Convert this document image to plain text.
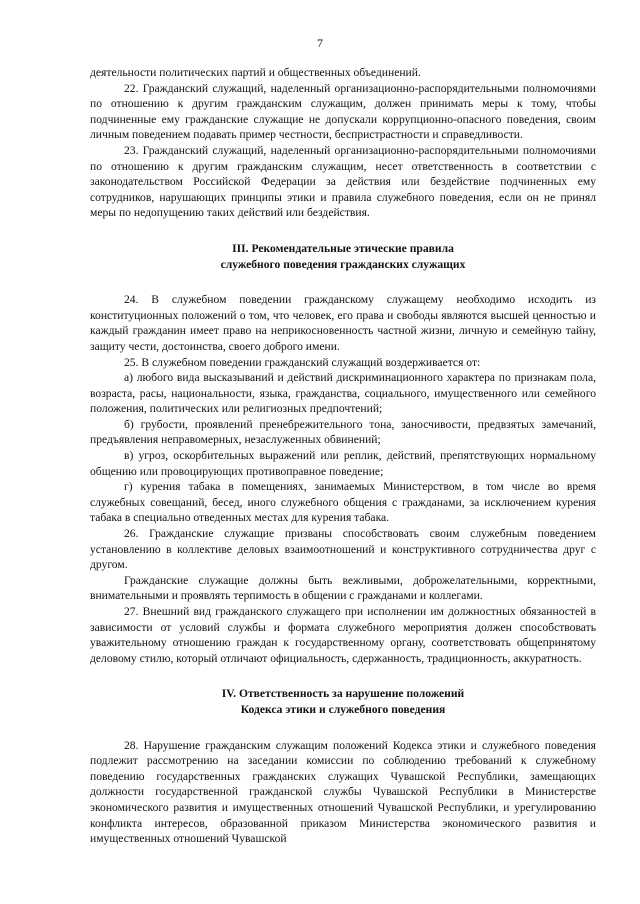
7

деятельности политических партий и общественных объединений.

22. Гражданский служащий, наделенный организационно-распорядительными полномочиями по отношению к другим гражданским служащим, должен принимать меры к тому, чтобы подчиненные ему гражданские служащие не допускали коррупционно-опасного поведения, своим личным поведением подавать пример честности, беспристрастности и справедливости.

23. Гражданский служащий, наделенный организационно-распорядительными полномочиями по отношению к другим гражданским служащим, несет ответственность в соответствии с законодательством Российской Федерации за действия или бездействие подчиненных ему сотрудников, нарушающих принципы этики и правила служебного поведения, если он не принял меры по недопущению таких действий или бездействия.

III. Рекомендательные этические правила
служебного поведения гражданских служащих

24. В служебном поведении гражданскому служащему необходимо исходить из конституционных положений о том, что человек, его права и свободы являются высшей ценностью и каждый гражданин имеет право на неприкосновенность частной жизни, личную и семейную тайну, защиту чести, достоинства, своего доброго имени.

25. В служебном поведении гражданский служащий воздерживается от:

а) любого вида высказываний и действий дискриминационного характера по признакам пола, возраста, расы, национальности, языка, гражданства, социального, имущественного или семейного положения, политических или религиозных предпочтений;

б) грубости, проявлений пренебрежительного тона, заносчивости, предвзятых замечаний, предъявления неправомерных, незаслуженных обвинений;

в) угроз, оскорбительных выражений или реплик, действий, препятствующих нормальному общению или провоцирующих противоправное поведение;

г) курения табака в помещениях, занимаемых Министерством, в том числе во время служебных совещаний, бесед, иного служебного общения с гражданами, за исключением курения табака в специально отведенных местах для курения табака.

26. Гражданские служащие призваны способствовать своим служебным поведением установлению в коллективе деловых взаимоотношений и конструктивного сотрудничества друг с другом.

Гражданские служащие должны быть вежливыми, доброжелательными, корректными, внимательными и проявлять терпимость в общении с гражданами и коллегами.

27. Внешний вид гражданского служащего при исполнении им должностных обязанностей в зависимости от условий службы и формата служебного мероприятия должен способствовать уважительному отношению граждан к государственному органу, соответствовать общепринятому деловому стилю, который отличают официальность, сдержанность, традиционность, аккуратность.

IV. Ответственность за нарушение положений
Кодекса этики и служебного поведения

28. Нарушение гражданским служащим положений Кодекса этики и служебного поведения подлежит рассмотрению на заседании комиссии по соблюдению требований к служебному поведению государственных гражданских служащих Чувашской Республики, замещающих должности государственной гражданской службы Чувашской Республики в Министерстве экономического развития и имущественных отношений Чувашской Республики, и урегулированию конфликта интересов, образованной приказом Министерства экономического развития и имущественных отношений Чувашской
